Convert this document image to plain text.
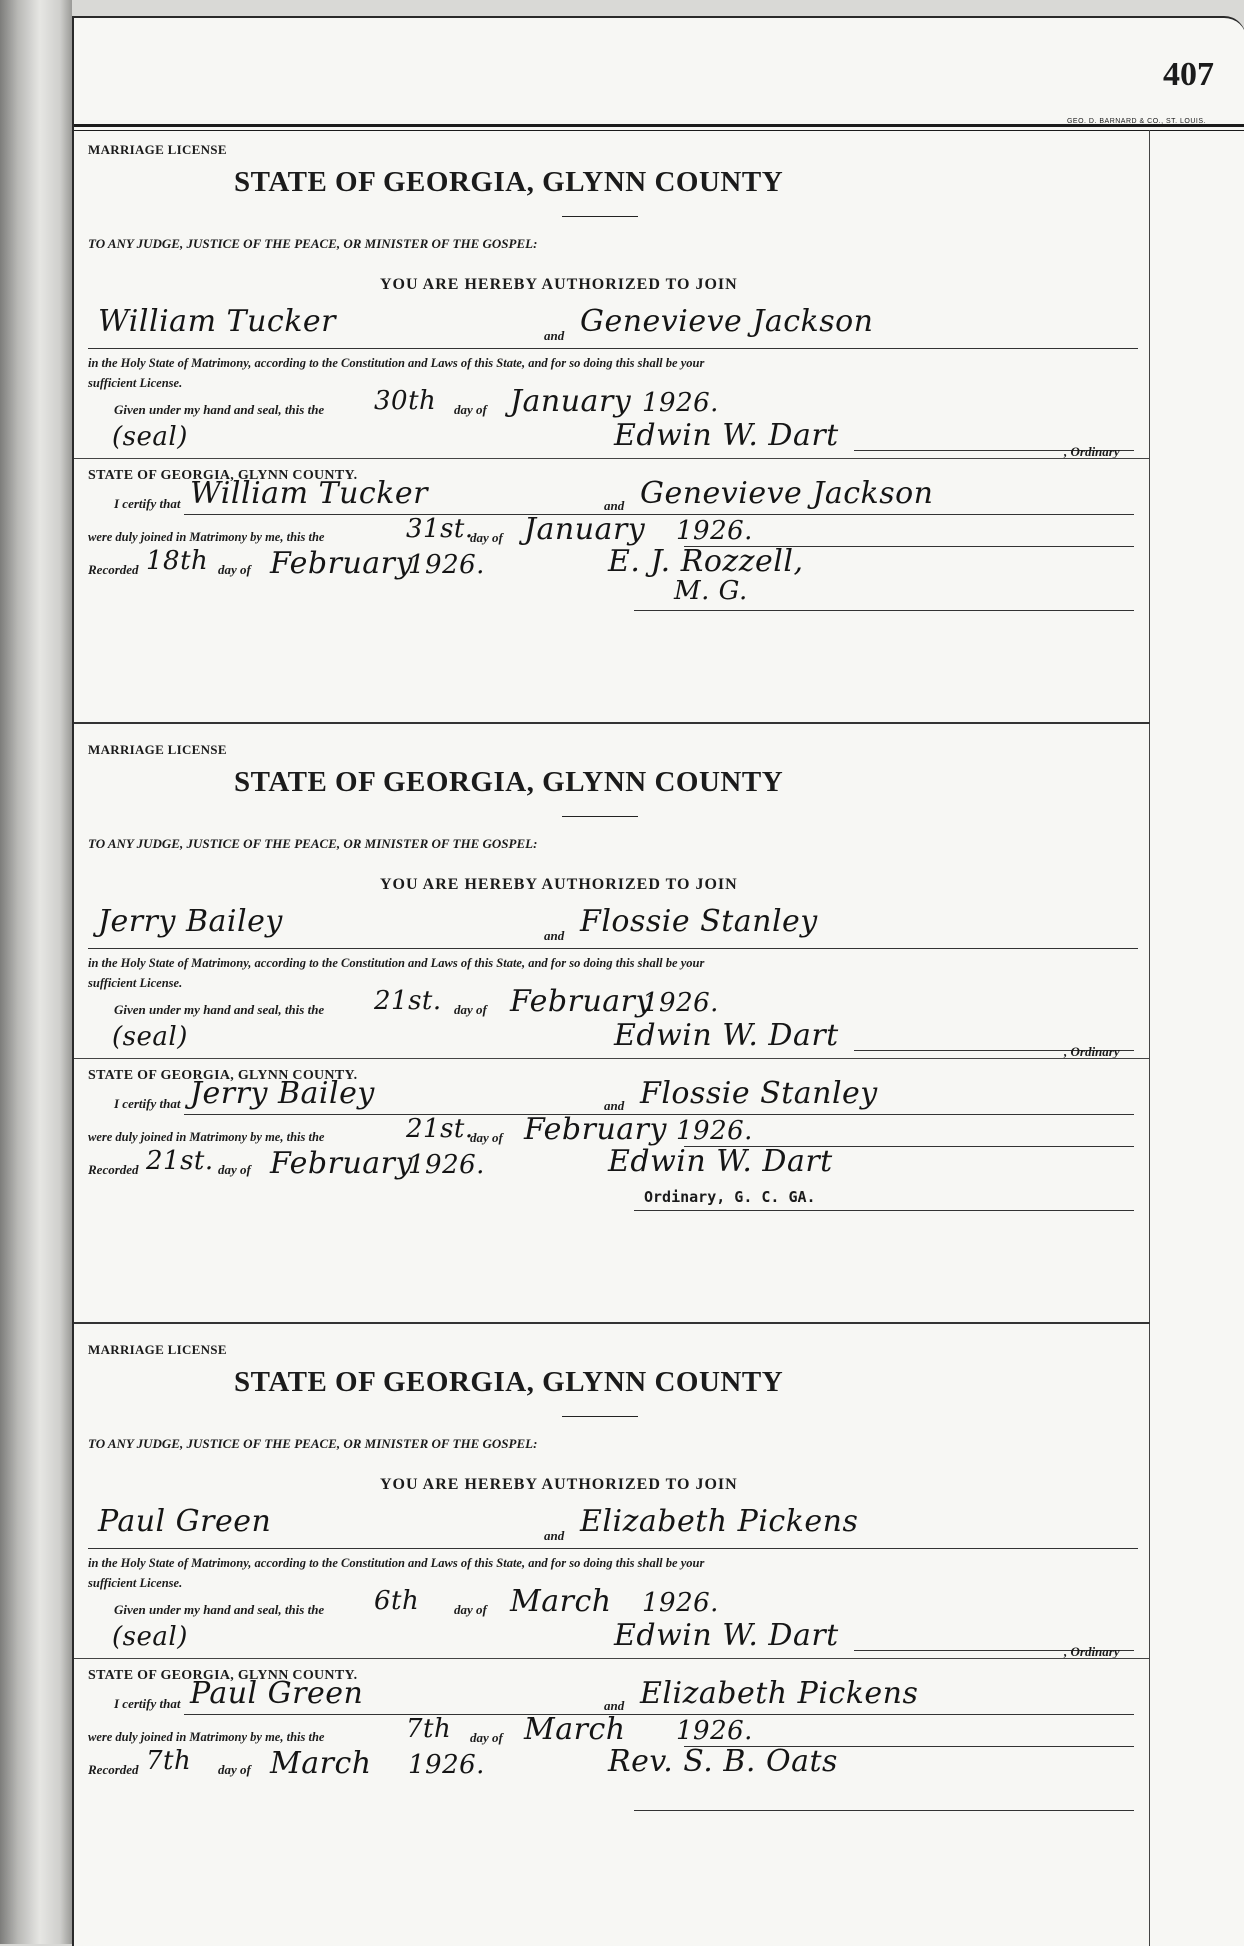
407
GEO. D. BARNARD & CO., ST. LOUIS.
MARRIAGE LICENSE
STATE OF GEORGIA, GLYNN COUNTY
TO ANY JUDGE, JUSTICE OF THE PEACE, OR MINISTER OF THE GOSPEL:
YOU ARE HEREBY AUTHORIZED TO JOIN
William Tucker	and Genevieve Jackson
in the Holy State of Matrimony, according to the Constitution and Laws of this State, and for so doing this shall be your
sufficient License.
Given under my hand and seal, this the 30th day of January 1926.
(seal)	Edwin W. Dart	, Ordinary
STATE OF GEORGIA, GLYNN COUNTY.
I certify that William Tucker	and Genevieve Jackson
were duly joined in Matrimony by me, this the	31st.
day of January 1926.
Recorded 18th day of February
1926.	E. J. Rozzell,
M. G.
MARRIAGE LICENSE
STATE OF GEORGIA, GLYNN COUNTY
TO ANY JUDGE, JUSTICE OF THE PEACE, OR MINISTER OF THE GOSPEL:
YOU ARE HEREBY AUTHORIZED TO JOIN
Jerry Bailey	and Flossie Stanley
in the Holy State of Matrimony, according to the Constitution and Laws of this State, and for so doing this shall be your
sufficient License.
Given under my hand and seal, this the 21st. day of February
1926.
(seal)	Edwin W. Dart	, Ordinary
STATE OF GEORGIA, GLYNN COUNTY.
I certify that Jerry Bailey	and Flossie Stanley
were duly joined in Matrimony by me, this the	21st.
day of February 1926.
Recorded 21st. day of February
1926.	Edwin W. Dart
Ordinary, G. C. GA.
MARRIAGE LICENSE
STATE OF GEORGIA, GLYNN COUNTY
TO ANY JUDGE, JUSTICE OF THE PEACE, OR MINISTER OF THE GOSPEL:
YOU ARE HEREBY AUTHORIZED TO JOIN
Paul Green	and Elizabeth Pickens
in the Holy State of Matrimony, according to the Constitution and Laws of this State, and for so doing this shall be your
sufficient License.
Given under my hand and seal, this the 6th	day of March 1926.
(seal)	Edwin W. Dart	, Ordinary
STATE OF GEORGIA, GLYNN COUNTY.
I certify that Paul Green	and Elizabeth Pickens
were duly joined in Matrimony by me, this the	7th day of March 1926.
Recorded 7th day of March 1926.	Rev. S. B. Oats
